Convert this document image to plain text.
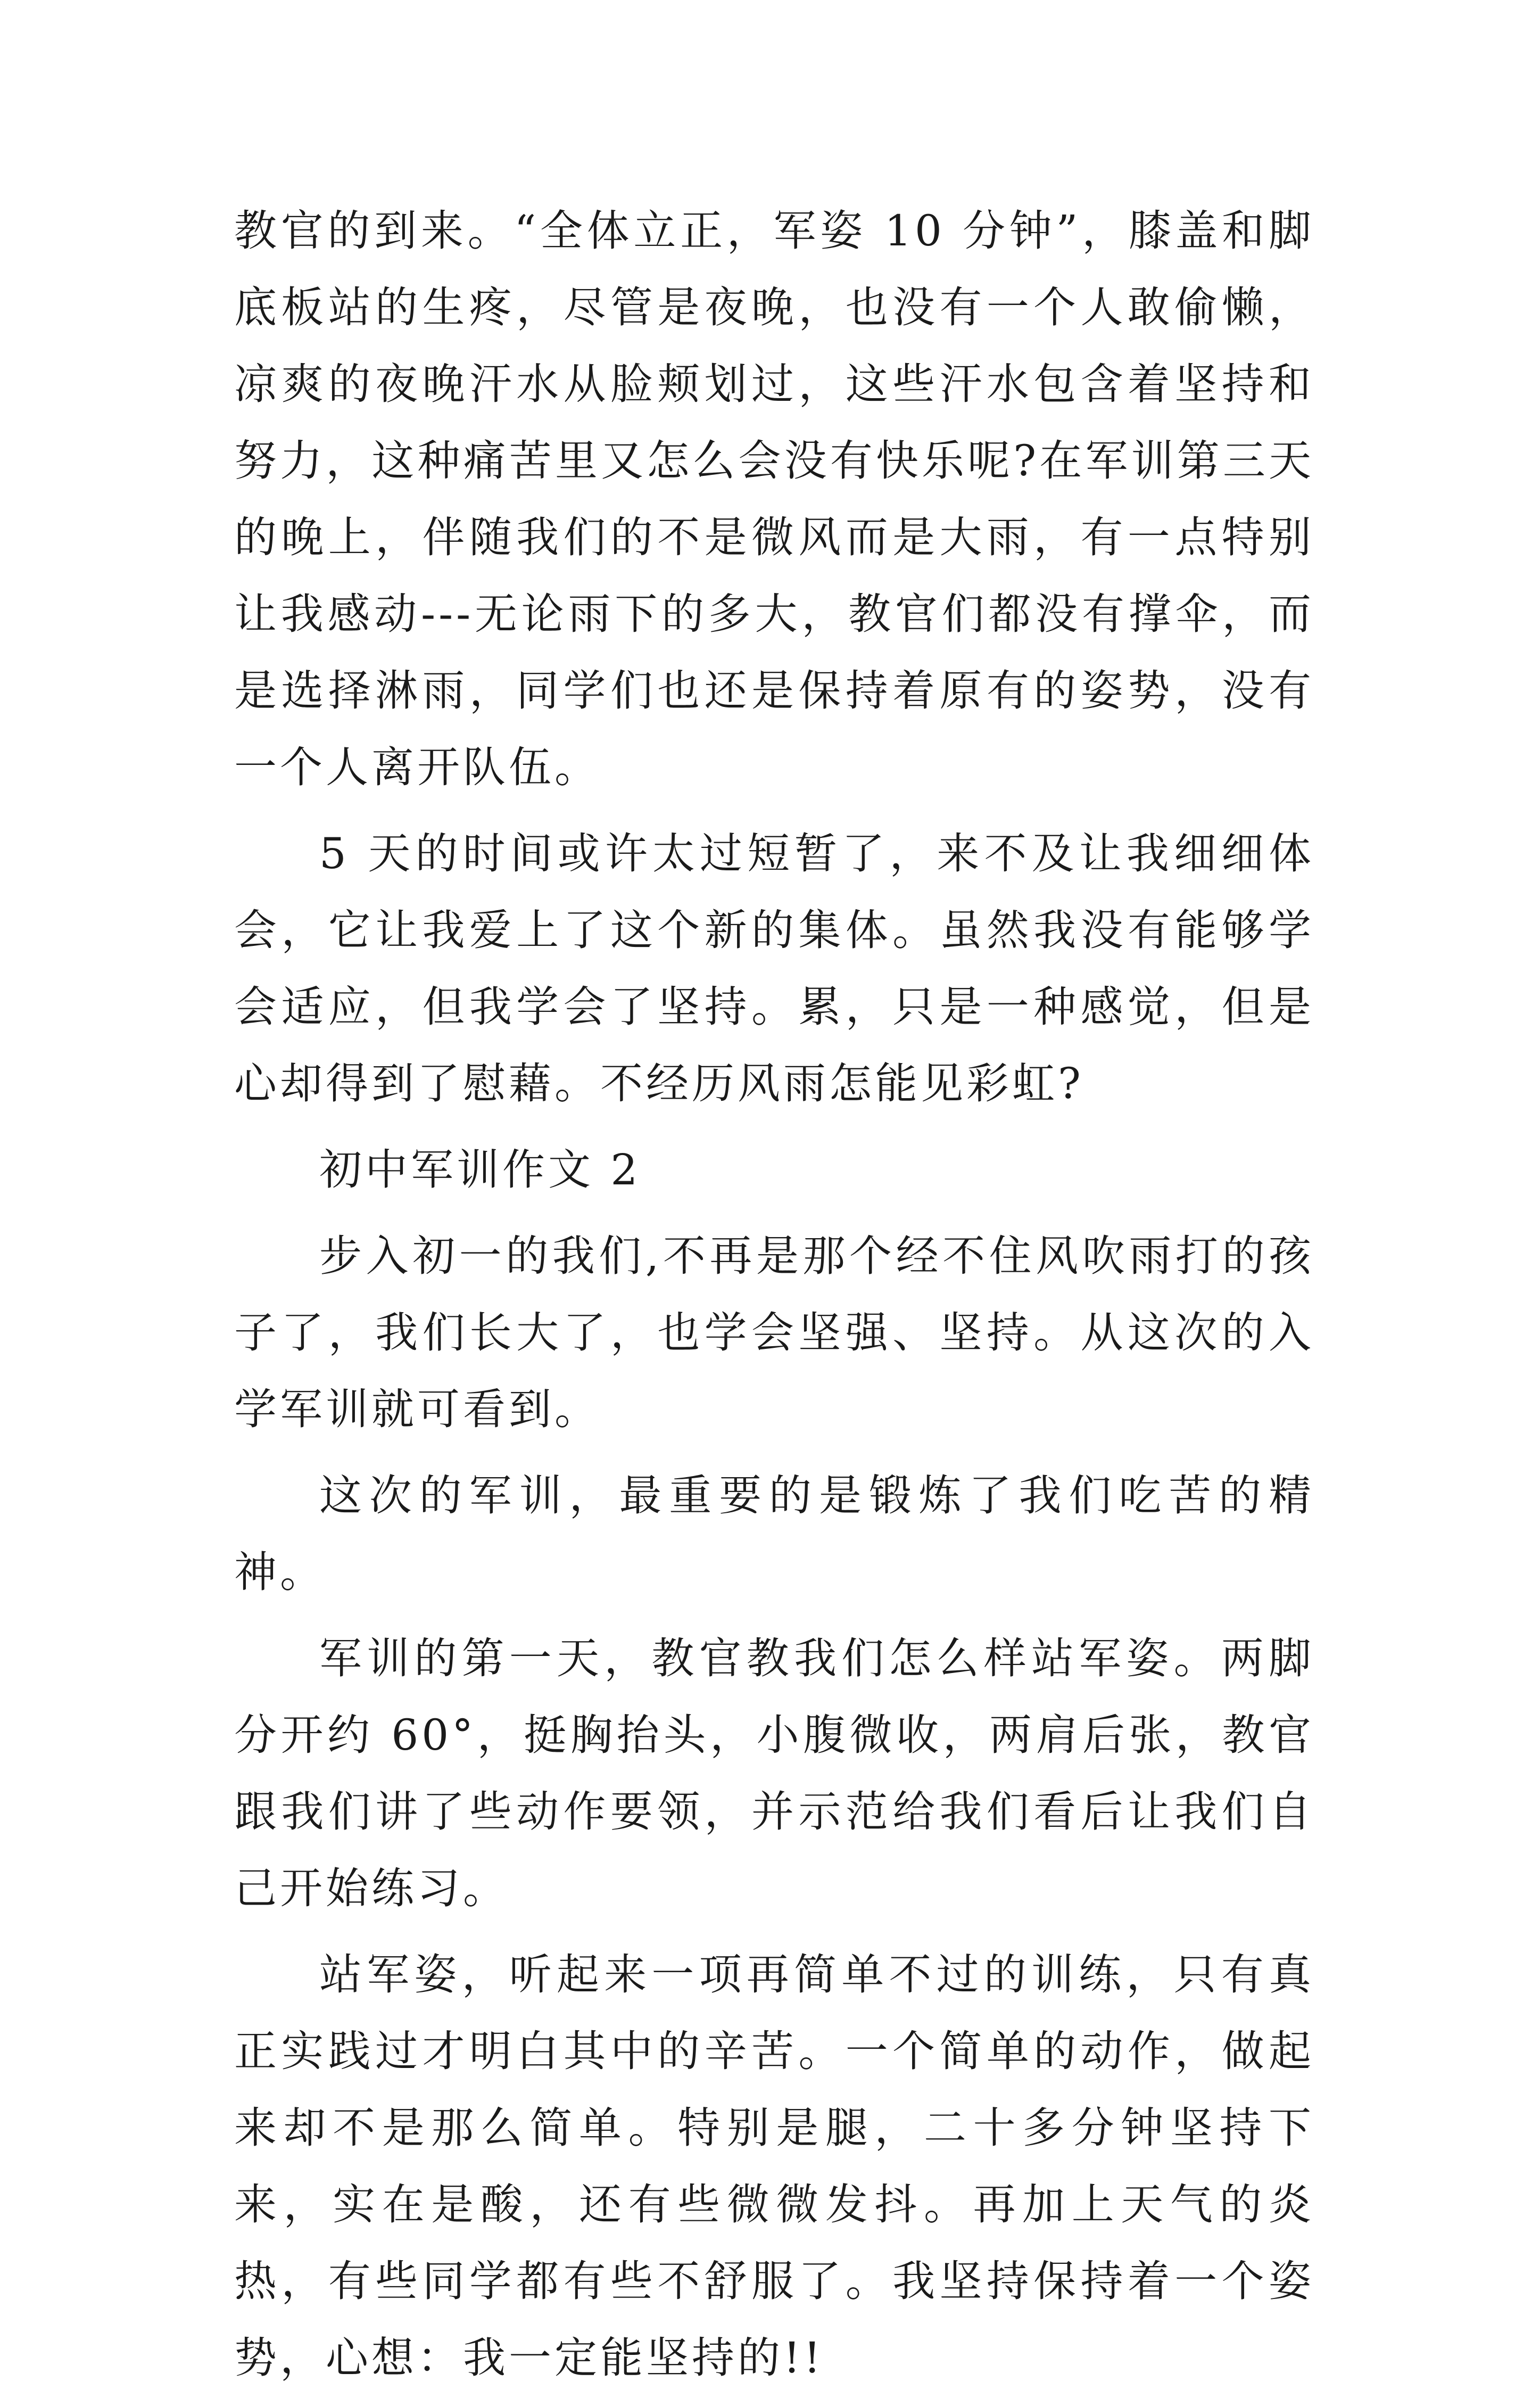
教官的到来。“全体立正，军姿 10 分钟”，膝盖和脚底板站的生疼，尽管是夜晚，也没有一个人敢偷懒，凉爽的夜晚汗水从脸颊划过，这些汗水包含着坚持和努力，这种痛苦里又怎么会没有快乐呢?在军训第三天的晚上，伴随我们的不是微风而是大雨，有一点特别让我感动---无论雨下的多大，教官们都没有撑伞，而是选择淋雨，同学们也还是保持着原有的姿势，没有一个人离开队伍。

5 天的时间或许太过短暂了，来不及让我细细体会，它让我爱上了这个新的集体。虽然我没有能够学会适应，但我学会了坚持。累，只是一种感觉，但是心却得到了慰藉。不经历风雨怎能见彩虹?

初中军训作文 2

步入初一的我们,不再是那个经不住风吹雨打的孩子了，我们长大了，也学会坚强、坚持。从这次的入学军训就可看到。

这次的军训，最重要的是锻炼了我们吃苦的精神。

军训的第一天，教官教我们怎么样站军姿。两脚分开约 60°，挺胸抬头，小腹微收，两肩后张，教官跟我们讲了些动作要领，并示范给我们看后让我们自己开始练习。

站军姿，听起来一项再简单不过的训练，只有真正实践过才明白其中的辛苦。一个简单的动作，做起来却不是那么简单。特别是腿，二十多分钟坚持下来，实在是酸，还有些微微发抖。再加上天气的炎热，有些同学都有些不舒服了。我坚持保持着一个姿势，心想：我一定能坚持的!!
